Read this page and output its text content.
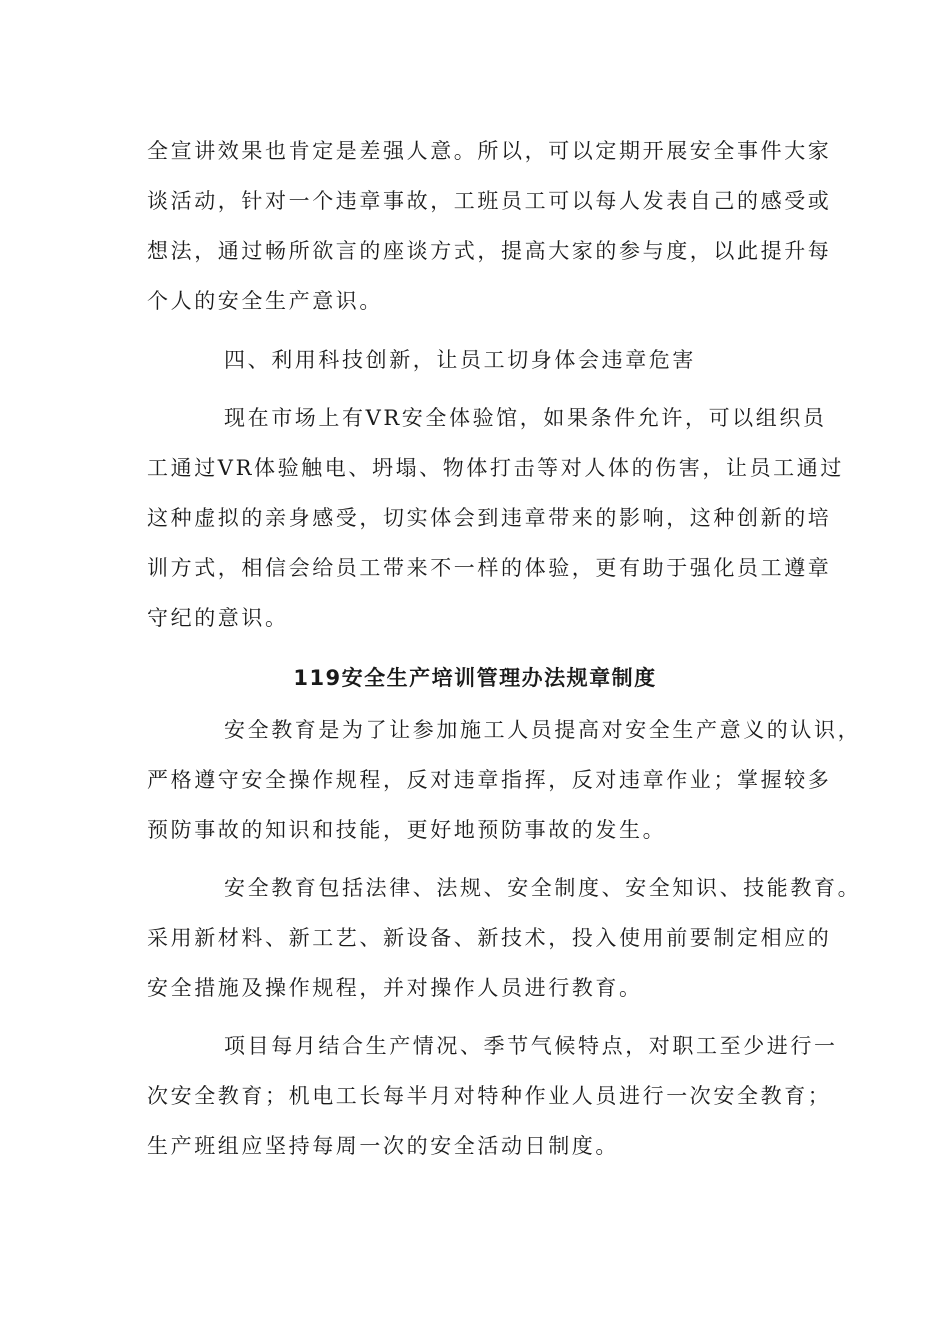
全宣讲效果也肯定是差强人意。所以，可以定期开展安全事件大家
谈活动，针对一个违章事故，工班员工可以每人发表自己的感受或
想法，通过畅所欲言的座谈方式，提高大家的参与度，以此提升每
个人的安全生产意识。
四、利用科技创新，让员工切身体会违章危害
现在市场上有VR安全体验馆，如果条件允许，可以组织员
工通过VR体验触电、坍塌、物体打击等对人体的伤害，让员工通过
这种虚拟的亲身感受，切实体会到违章带来的影响，这种创新的培
训方式，相信会给员工带来不一样的体验，更有助于强化员工遵章
守纪的意识。
119安全生产培训管理办法规章制度
安全教育是为了让参加施工人员提高对安全生产意义的认识，
严格遵守安全操作规程，反对违章指挥，反对违章作业；掌握较多
预防事故的知识和技能，更好地预防事故的发生。
安全教育包括法律、法规、安全制度、安全知识、技能教育。
采用新材料、新工艺、新设备、新技术，投入使用前要制定相应的
安全措施及操作规程，并对操作人员进行教育。
项目每月结合生产情况、季节气候特点，对职工至少进行一
次安全教育；机电工长每半月对特种作业人员进行一次安全教育；
生产班组应坚持每周一次的安全活动日制度。
